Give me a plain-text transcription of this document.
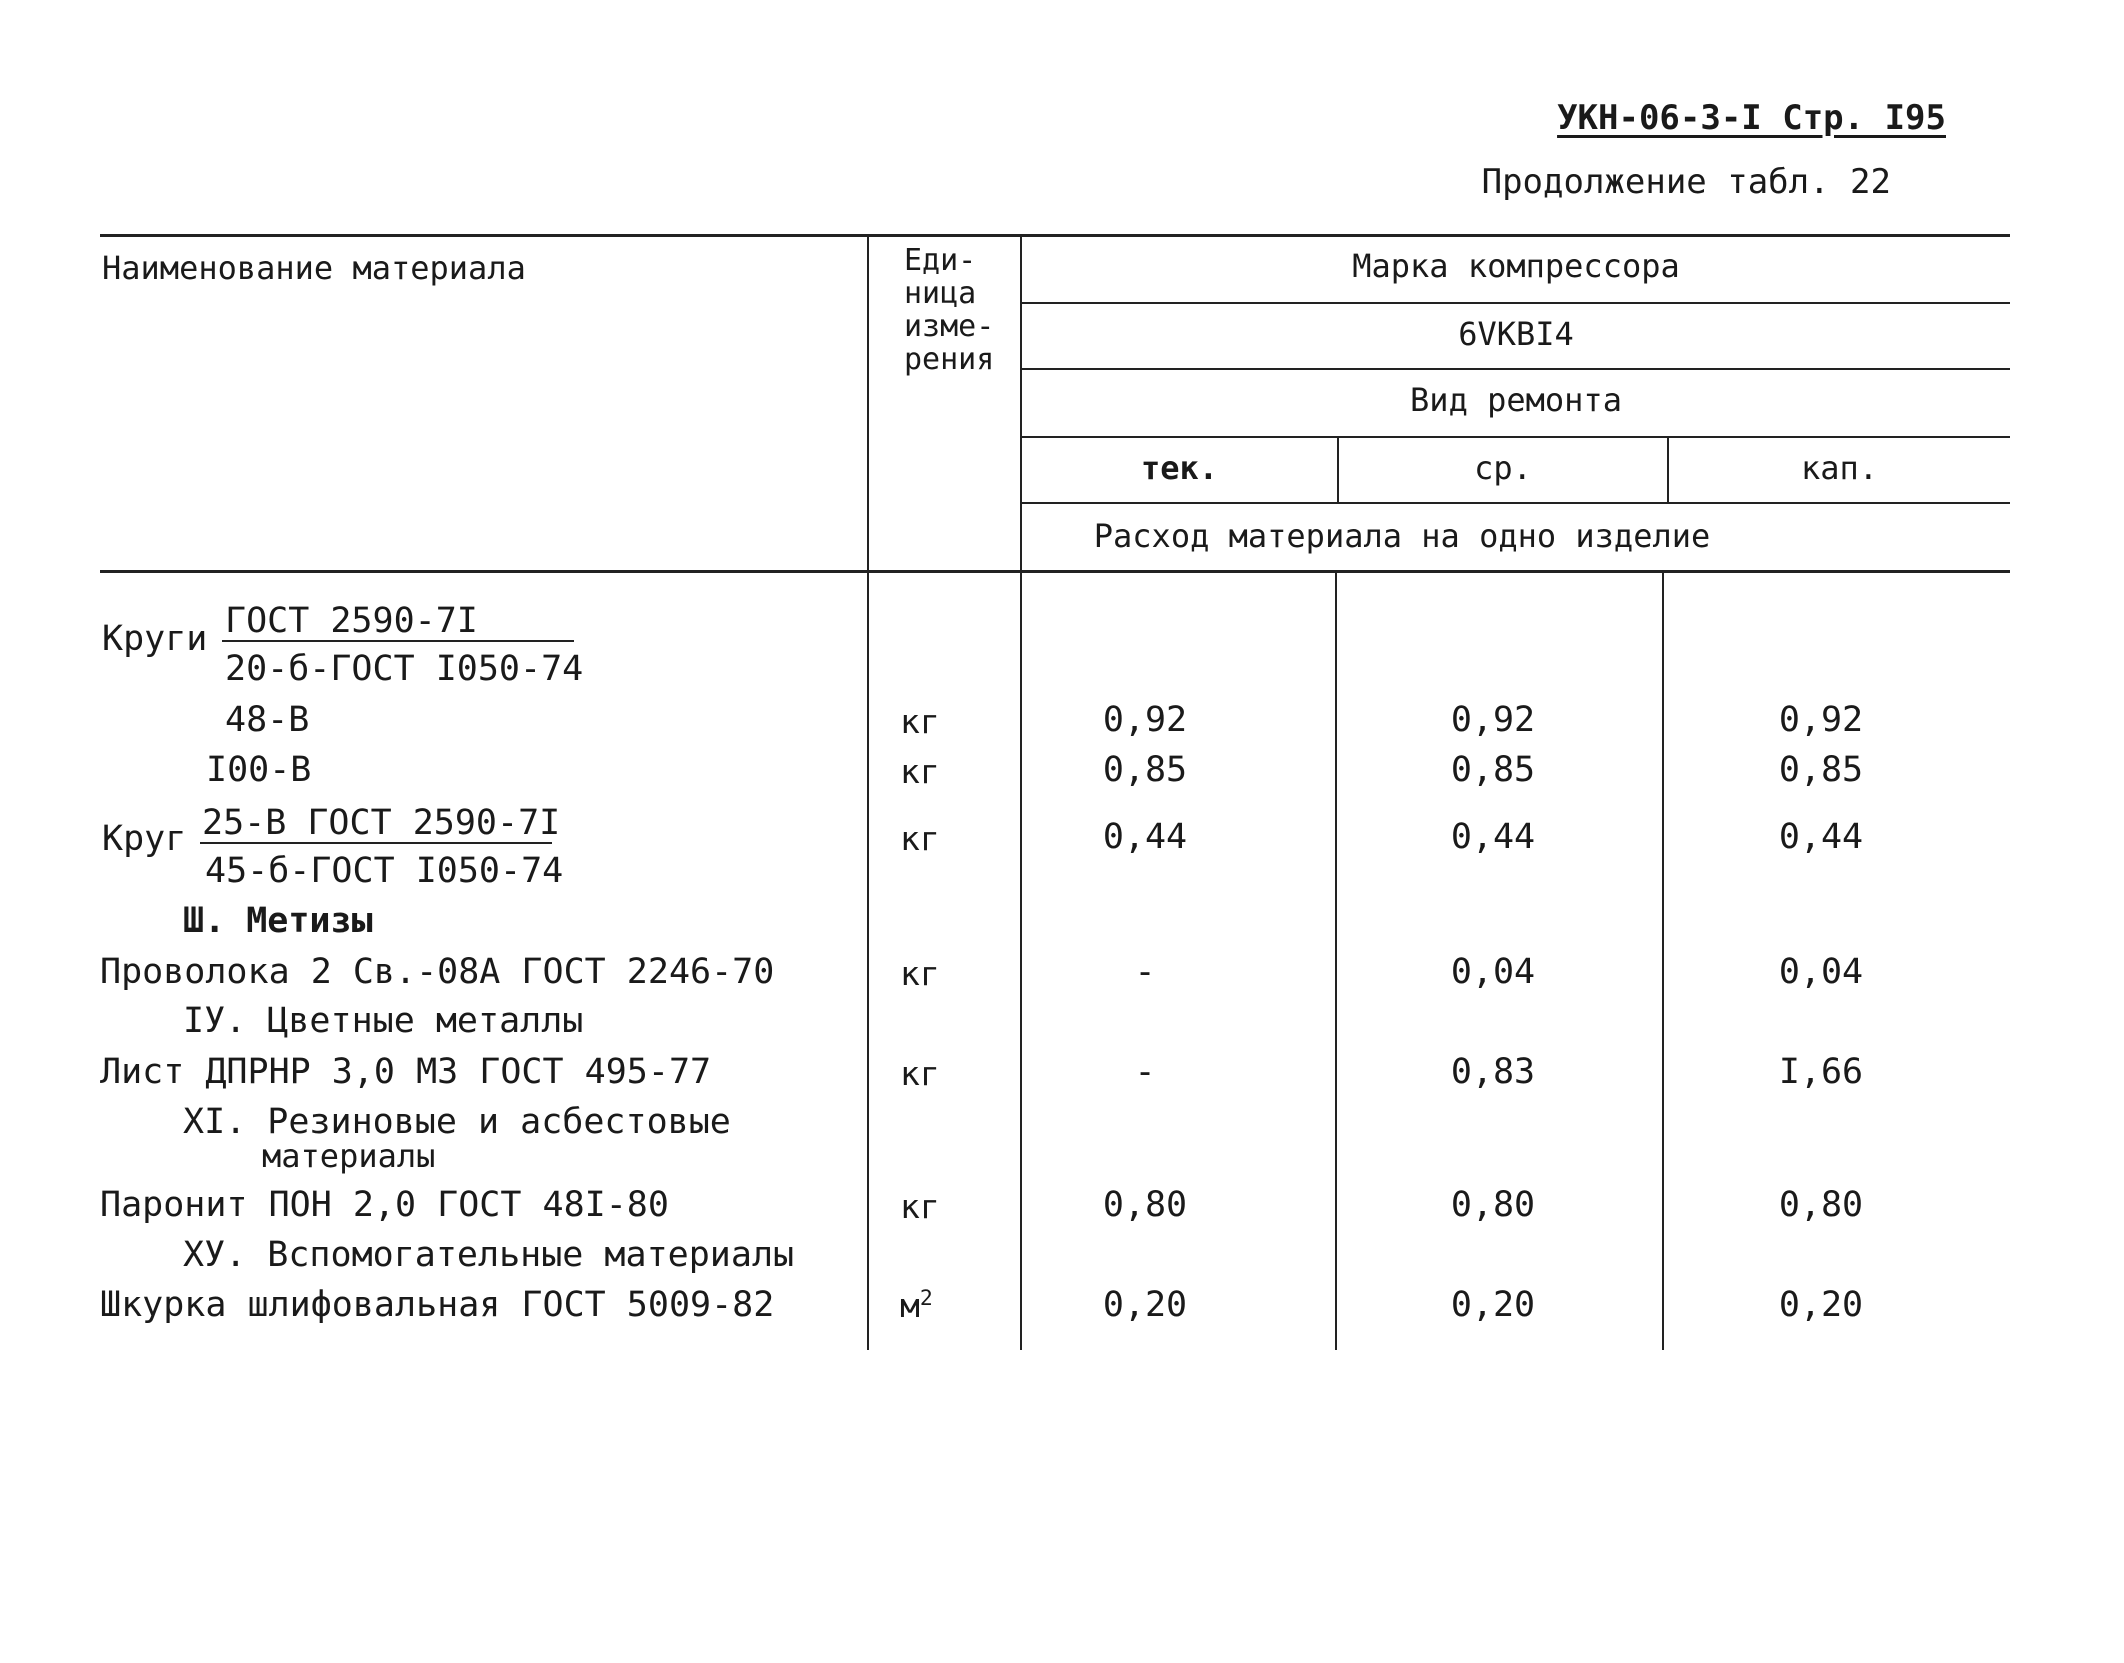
УКН-06-3-I Стр. I95
Продолжение табл. 22
Наименование материала	Еди-
ница
изме-
рения
Марка компрессора
6VKBI4
Вид ремонта
тек.	ср.	кап.
Расход материала на одно изделие
Круги ГОСТ 2590-7I
20-б-ГОСТ I050-74
48-В	кг	0,92	0,92	0,92
I00-В	кг	0,85	0,85	0,85
Круг 25-В ГОСТ 2590-7I
45-б-ГОСТ I050-74
кг	0,44	0,44	0,44
Ш. Метизы
Проволока 2 Св.-08А ГОСТ 2246-70	кг	-	0,04	0,04
IУ. Цветные металлы
Лист ДПРНР 3,0 М3 ГОСТ 495-77	кг	-	0,83	I,66
XI. Резиновые и асбестовые
материалы
Паронит ПОН 2,0 ГОСТ 48I-80	кг	0,80	0,80	0,80
ХУ. Вспомогательные материалы
Шкурка шлифовальная ГОСТ 5009-82	$м^2$	0,20	0,20	0,20
